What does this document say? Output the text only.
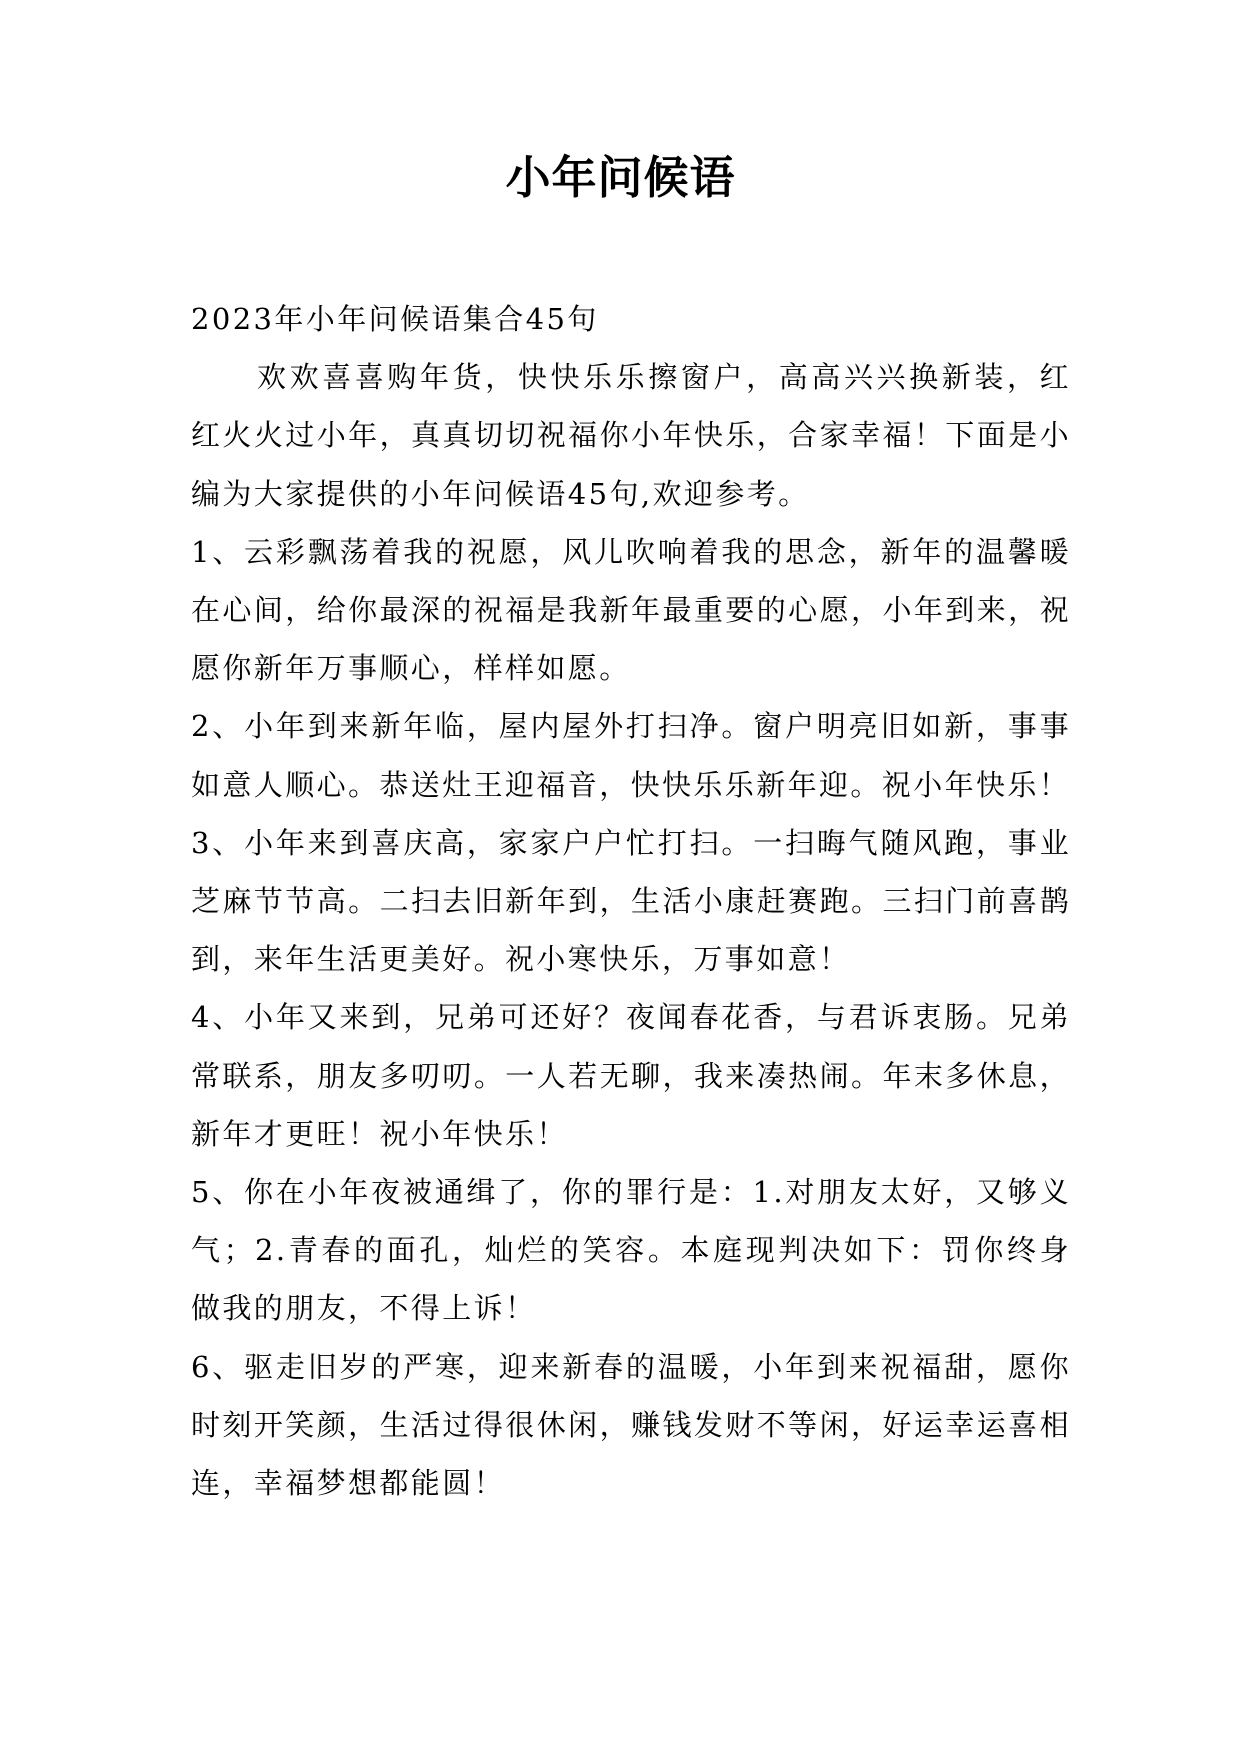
小年问候语

2023年小年问候语集合45句

欢欢喜喜购年货，快快乐乐擦窗户，高高兴兴换新装，红红火火过小年，真真切切祝福你小年快乐，合家幸福！下面是小编为大家提供的小年问候语45句,欢迎参考。

1、云彩飘荡着我的祝愿，风儿吹响着我的思念，新年的温馨暖在心间，给你最深的祝福是我新年最重要的心愿，小年到来，祝愿你新年万事顺心，样样如愿。

2、小年到来新年临，屋内屋外打扫净。窗户明亮旧如新，事事如意人顺心。恭送灶王迎福音，快快乐乐新年迎。祝小年快乐！

3、小年来到喜庆高，家家户户忙打扫。一扫晦气随风跑，事业芝麻节节高。二扫去旧新年到，生活小康赶赛跑。三扫门前喜鹊到，来年生活更美好。祝小寒快乐，万事如意！

4、小年又来到，兄弟可还好？夜闻春花香，与君诉衷肠。兄弟常联系，朋友多叨叨。一人若无聊，我来凑热闹。年末多休息，新年才更旺！祝小年快乐！

5、你在小年夜被通缉了，你的罪行是：1.对朋友太好，又够义气；2.青春的面孔，灿烂的笑容。本庭现判决如下：罚你终身做我的朋友，不得上诉！

6、驱走旧岁的严寒，迎来新春的温暖，小年到来祝福甜，愿你时刻开笑颜，生活过得很休闲，赚钱发财不等闲，好运幸运喜相连，幸福梦想都能圆！
